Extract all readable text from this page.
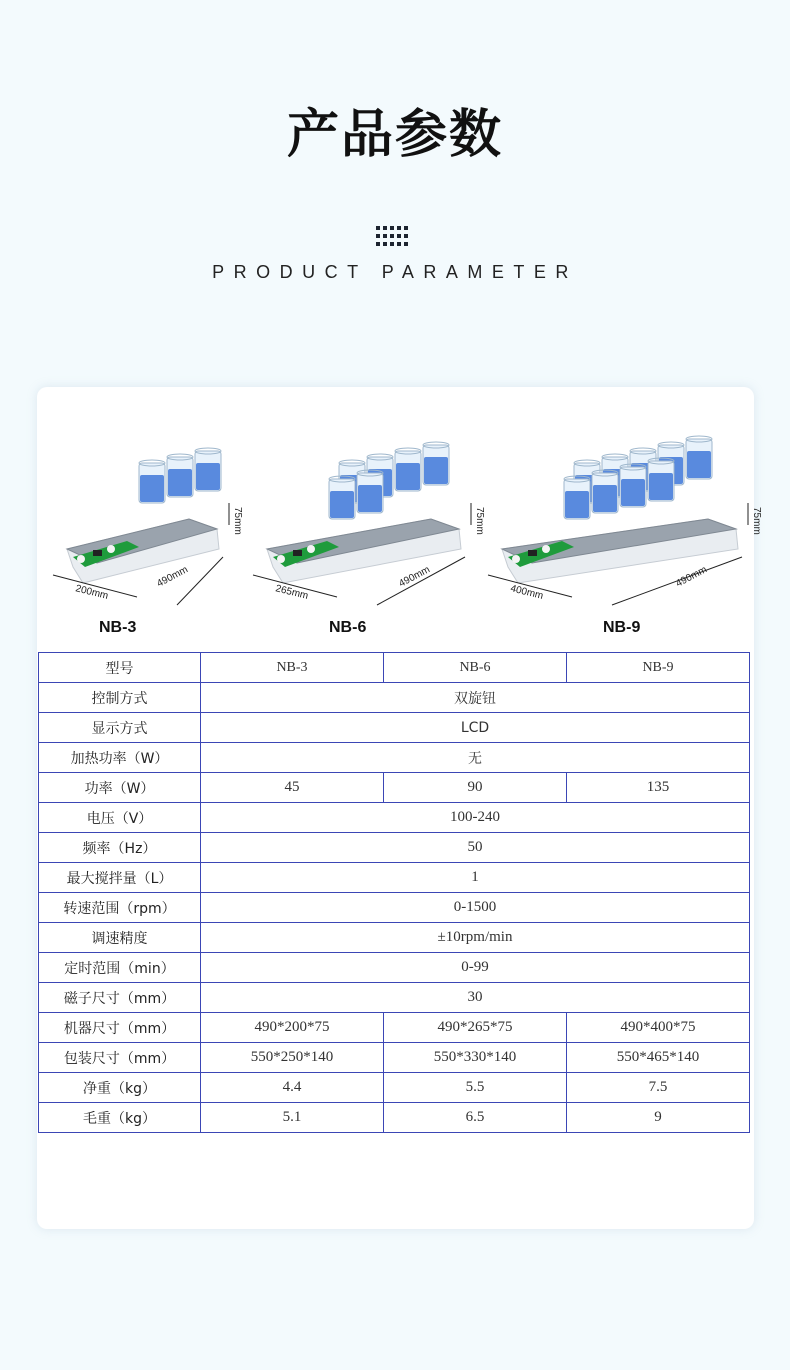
产品参数
PRODUCT PARAMETER
200mm
490mm
75mm
NB-3
265mm
490mm
75mm
NB-6
400mm
490mm
75mm
NB-9
型号	NB-3	NB-6	NB-9
控制方式	双旋钮		
显示方式	LCD		
加热功率（W）	无		
功率（W）	45	90	135
电压（V）	100-240		
频率（Hz）	50		
最大搅拌量（L）	1		
转速范围（rpm）	0-1500		
调速精度	±10rpm/min		
定时范围（min）	0-99		
磁子尺寸（mm）	30		
机器尺寸（mm）	490*200*75	490*265*75	490*400*75
包装尺寸（mm）	550*250*140	550*330*140	550*465*140
净重（kg）	4.4	5.5	7.5
毛重（kg）	5.1	6.5	9
